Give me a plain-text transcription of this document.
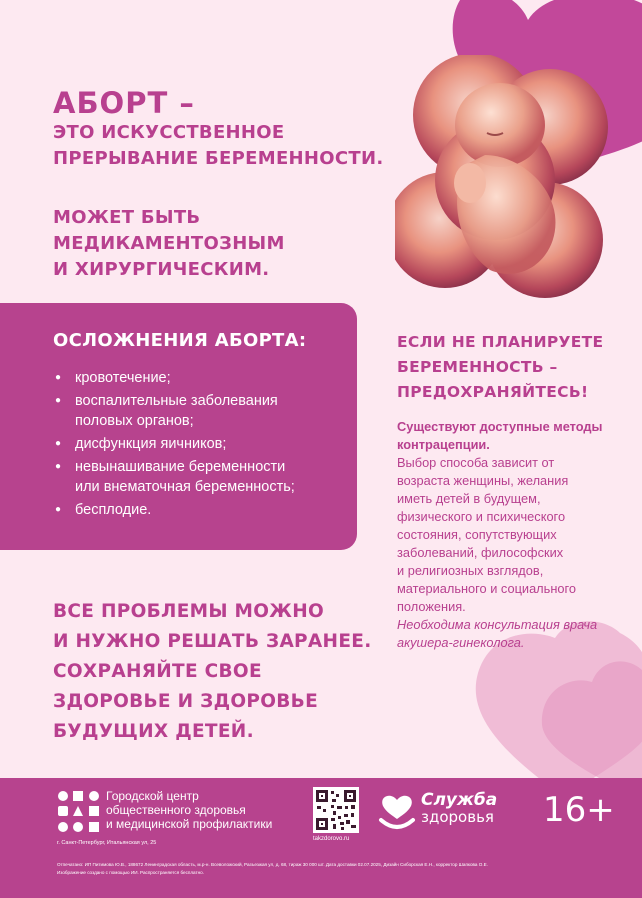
АБОРТ –
ЭТО ИСКУССТВЕННОЕ
ПРЕРЫВАНИЕ БЕРЕМЕННОСТИ.
МОЖЕТ БЫТЬ
МЕДИКАМЕНТОЗНЫМ
И ХИРУРГИЧЕСКИМ.
ОСЛОЖНЕНИЯ АБОРТА:
● кровотечение;
● воспалительные заболевания
половых органов;
● дисфункция яичников;
● невынашивание беременности
или внематочная беременность;
● бесплодие.
ЕСЛИ НЕ ПЛАНИРУЕТЕ
БЕРЕМЕННОСТЬ –
ПРЕДОХРАНЯЙТЕСЬ!
Существуют доступные методы
контрацепции.
Выбор способа зависит от
возраста женщины, желания
иметь детей в будущем,
физического и психического
состояния, сопутствующих
заболеваний, философских
и религиозных взглядов,
материального и социального
положения.
Необходима консультация врача
акушера-гинеколога.
ВСЕ ПРОБЛЕМЫ МОЖНО
И НУЖНО РЕШАТЬ ЗАРАНЕЕ.
СОХРАНЯЙТЕ СВОЕ
ЗДОРОВЬЕ И ЗДОРОВЬЕ
БУДУЩИХ ДЕТЕЙ.
Городской центр
общественного здоровья
и медицинской профилактики
г. Санкт-Петербург, Итальянская ул, 25
takzdorovo.ru
Служба
здоровья 16+
Отпечатано: ИП Питимова Ю.В., 188672 Ленинградская область, м.р-н. Всеволожский, Разъезжая ул, д. 68, тираж 30 000 шт. Дата доставки 02.07.2025, Дизайн Сиборская Е.Н., корректор Шапкова О.Е.
Изображение создано с помощью ИИ. Распространяется бесплатно.
